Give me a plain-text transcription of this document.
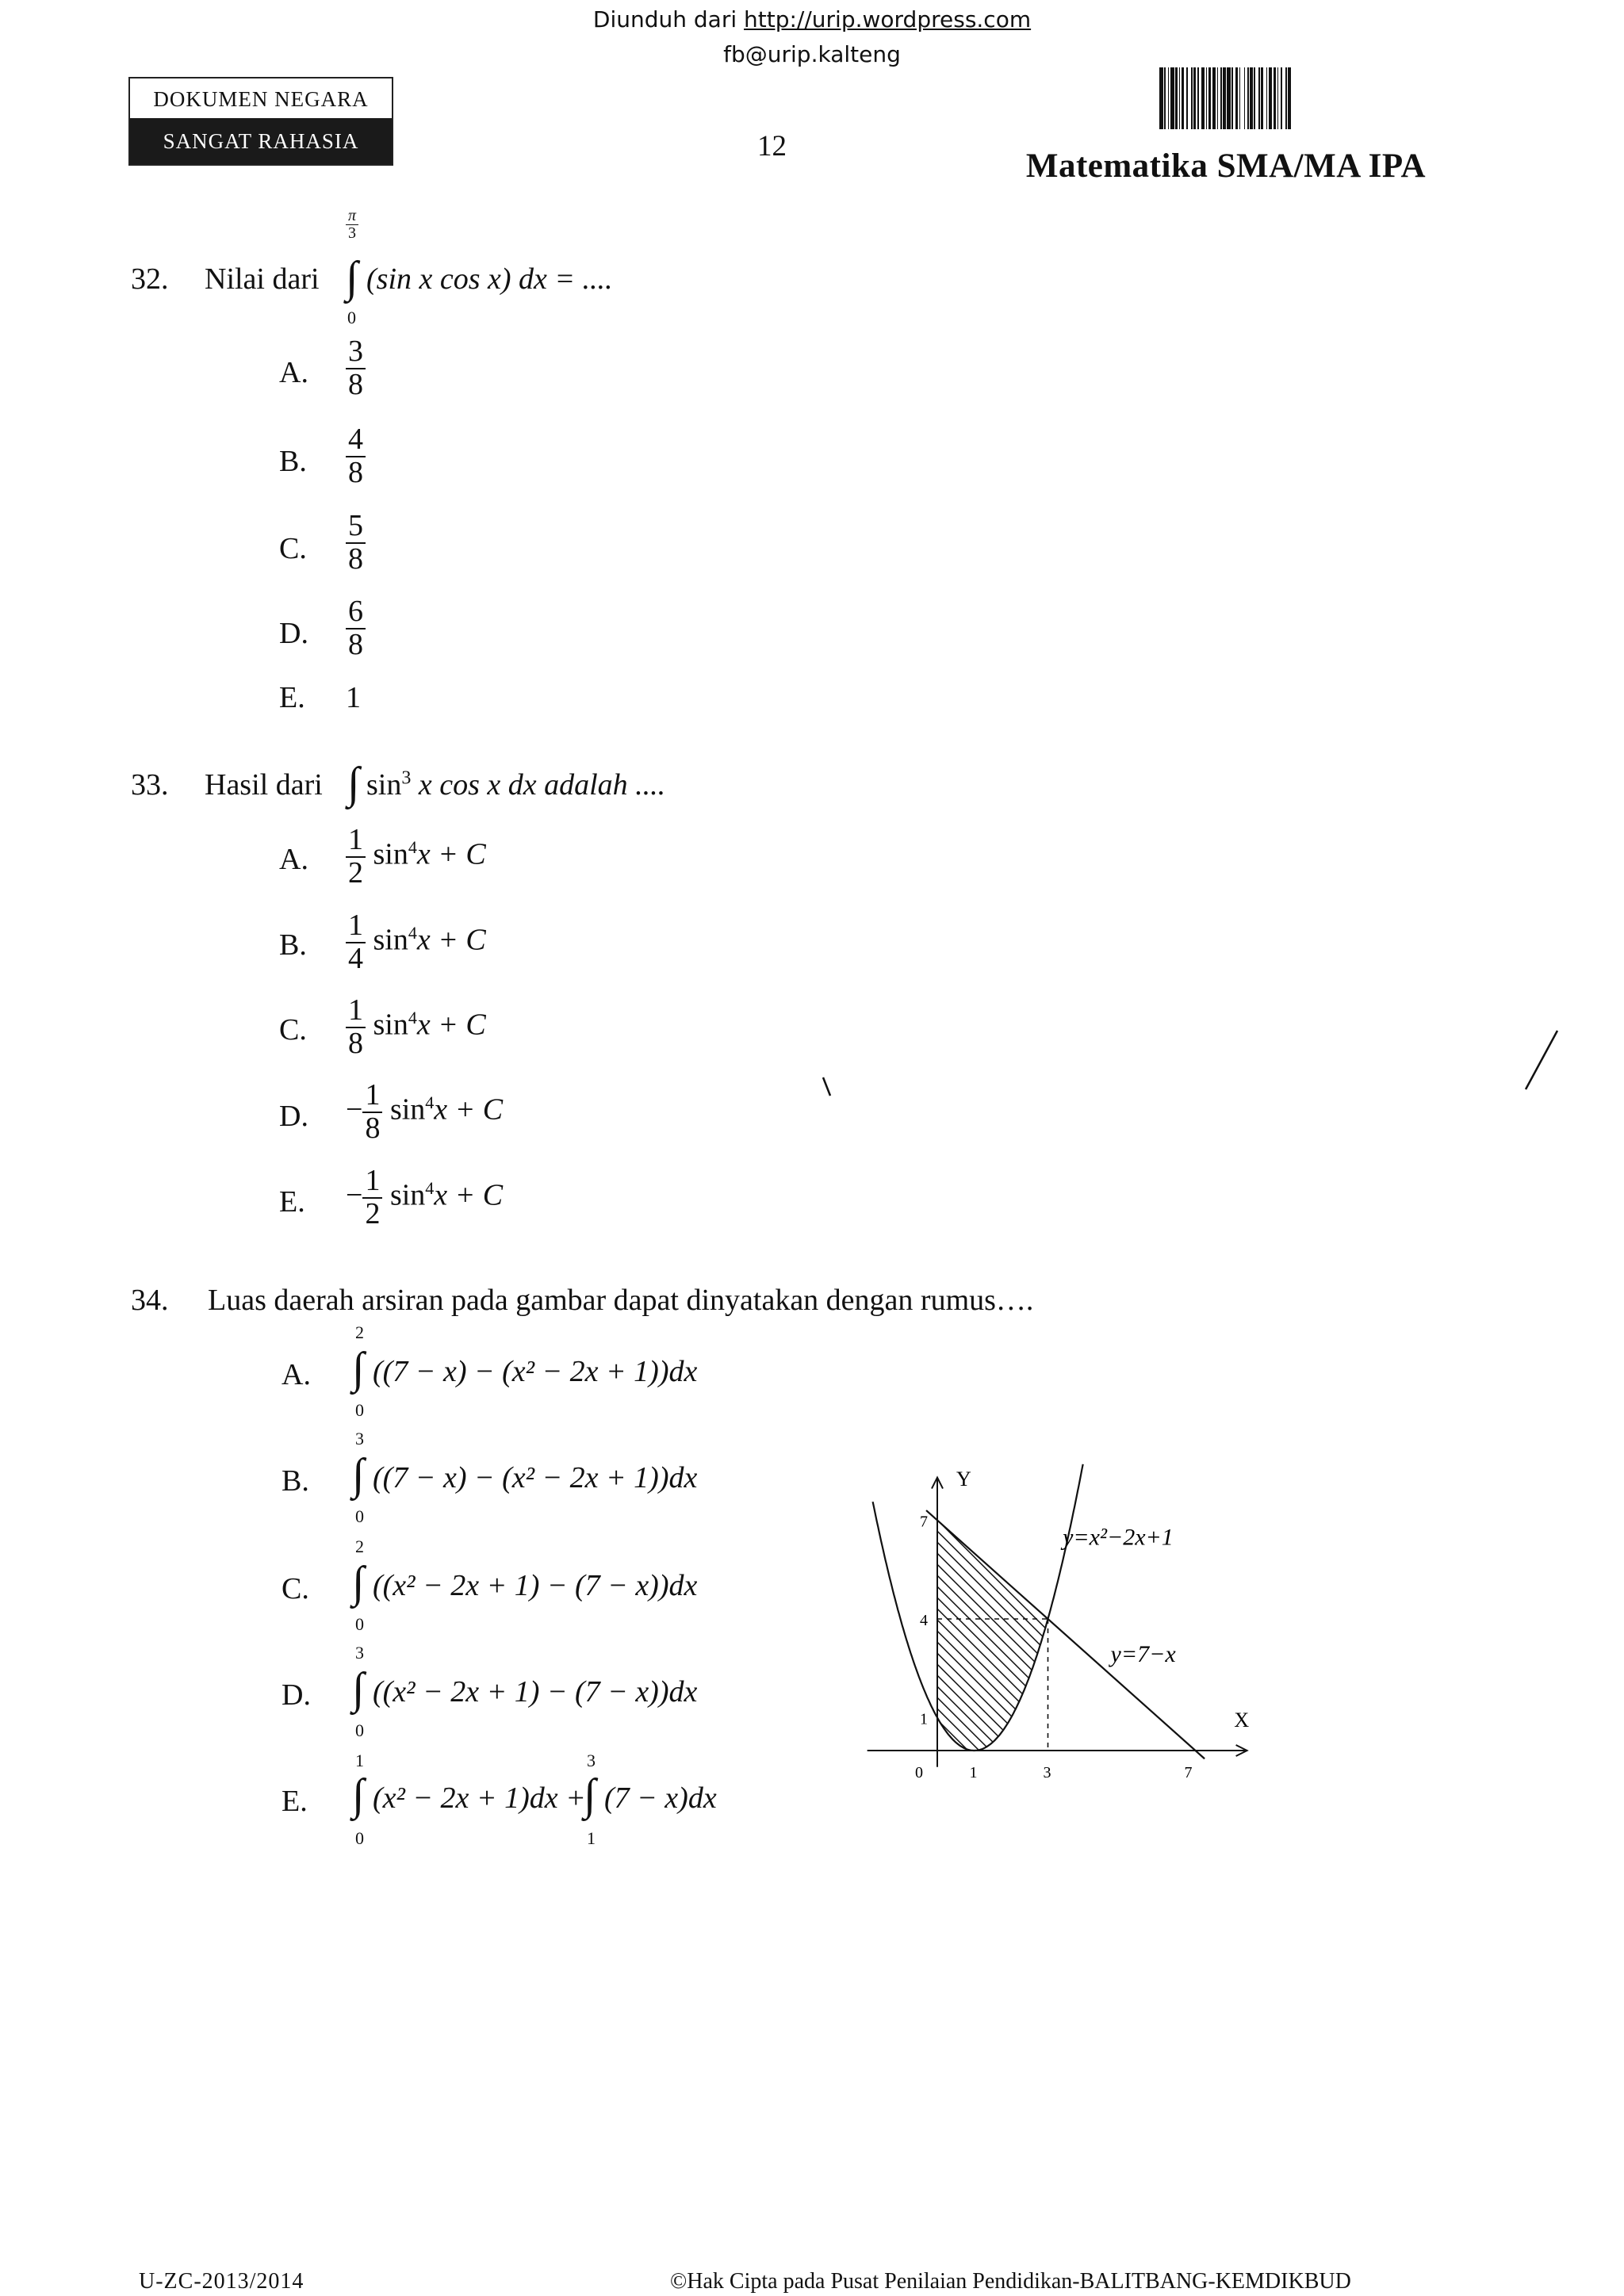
Diunduh dari http://urip.wordpress.com
fb@urip.kalteng
DOKUMEN NEGARA
SANGAT RAHASIA	12
Matematika SMA/MA IPA
32. Nilai dari
$\frac{\pi}{3}$
∫
0
(sin x cos x) dx = ....
A. $\frac{3}{8}$
B. $\frac{4}{8}$
C. $\frac{5}{8}$
D. $\frac{6}{8}$
E. 1
33. Hasil dari ∫ $\sin^3 x$ cos x dx adalah ....
A. $\frac{1}{2} \sin^4x + C$
B. $\frac{1}{4} \sin^4x + C$
C. $\frac{1}{8} \sin^4x + C$
D. − $\frac{1}{8} \sin^4x + C$
E. − $\frac{1}{2} \sin^4x + C$
34. Luas daerah arsiran pada gambar dapat dinyatakan dengan rumus….
A.
2
∫
0
((7 − x) − (x² − 2x + 1))dx
B.
3
∫
0
((7 − x) − (x² − 2x + 1))dx
C.
2
∫
0
((x² − 2x + 1) − (7 − x))dx
D.
3
∫
0
((x² − 2x + 1) − (7 − x))dx
E.
1
∫
0
(x² − 2x + 1)dx +
3
∫
1
(7 − x)dx
X
Y
y=x²−2x+1
y=7−x
0	1	3	7
1
4
7
U-ZC-2013/2014	©Hak Cipta pada Pusat Penilaian Pendidikan-BALITBANG-KEMDIKBUD
